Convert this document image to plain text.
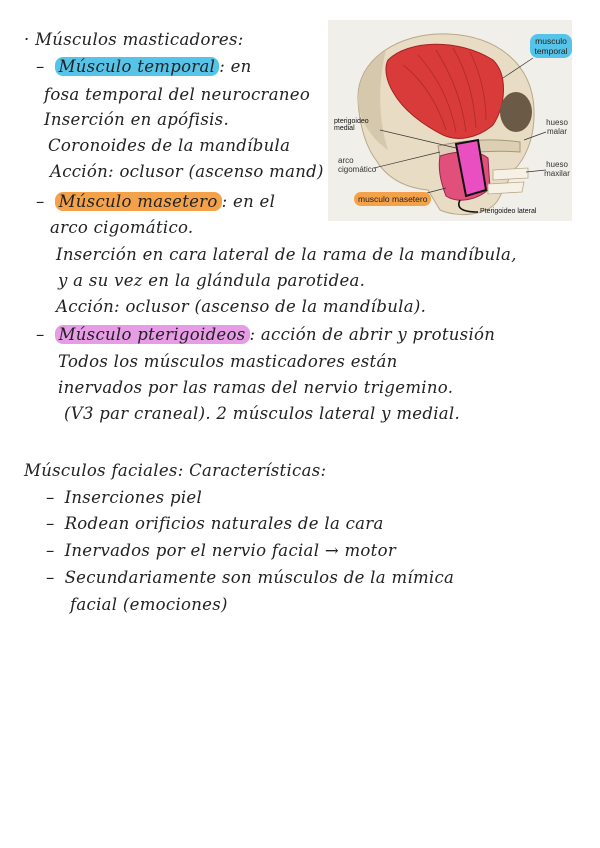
· Músculos masticadores:
– Músculo temporal : en
fosa temporal del neurocraneo
Inserción en apófisis.
Coronoides de la mandíbula
Acción: oclusor (ascenso mand)
– Músculo masetero : en el
arco cigomático.
Inserción en cara lateral de la rama de la mandíbula,
y a su vez en la glándula parotidea.
Acción: oclusor (ascenso de la mandíbula).
– Músculo pterigoideos : acción de abrir y protusión
Todos los músculos masticadores están
inervados por las ramas del nervio trigemino.
(V3 par craneal). 2 músculos lateral y medial.
Músculos faciales: Características:
– Inserciones piel
– Rodean orificios naturales de la cara
– Inervados por el nervio facial → motor
– Secundariamente son músculos de la mímica
facial (emociones)
musculo temporal
pterigoideo medial
hueso malar
arco cigomático
hueso maxilar
musculo masetero
Pterigoideo lateral
